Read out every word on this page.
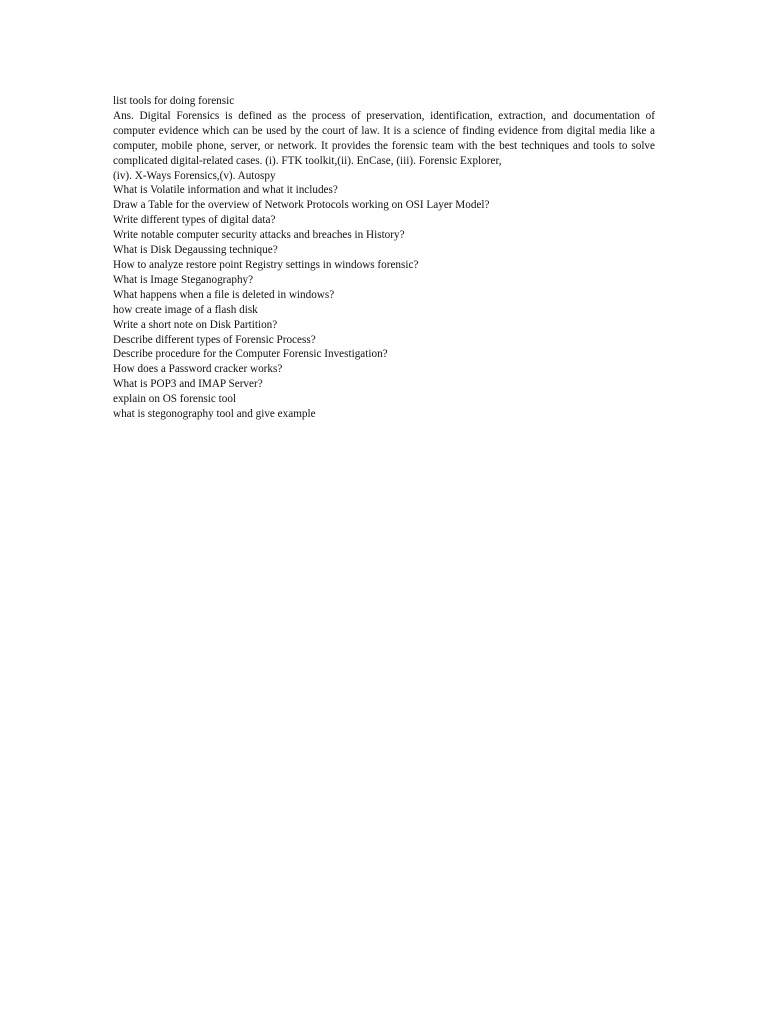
list tools for doing forensic

Ans. Digital Forensics is defined as the process of preservation, identification, extraction, and documentation of computer evidence which can be used by the court of law. It is a science of finding evidence from digital media like a computer, mobile phone, server, or network. It provides the forensic team with the best techniques and tools to solve complicated digital-related cases. (i). FTK toolkit,(ii). EnCase, (iii). Forensic Explorer,

(iv). X-Ways Forensics,(v). Autospy
What is Volatile information and what it includes?
Draw a Table for the overview of Network Protocols working on OSI Layer Model?
Write different types of digital data?
Write notable computer security attacks and breaches in History?
What is Disk Degaussing technique?
How to analyze restore point Registry settings in windows forensic?
What is Image Steganography?
What happens when a file is deleted in windows?
how create image of a flash disk
Write a short note on Disk Partition?
Describe different types of Forensic Process?
Describe procedure for the Computer Forensic Investigation?
How does a Password cracker works?
What is POP3 and IMAP Server?
explain on OS forensic tool
what is stegonography tool and give example
